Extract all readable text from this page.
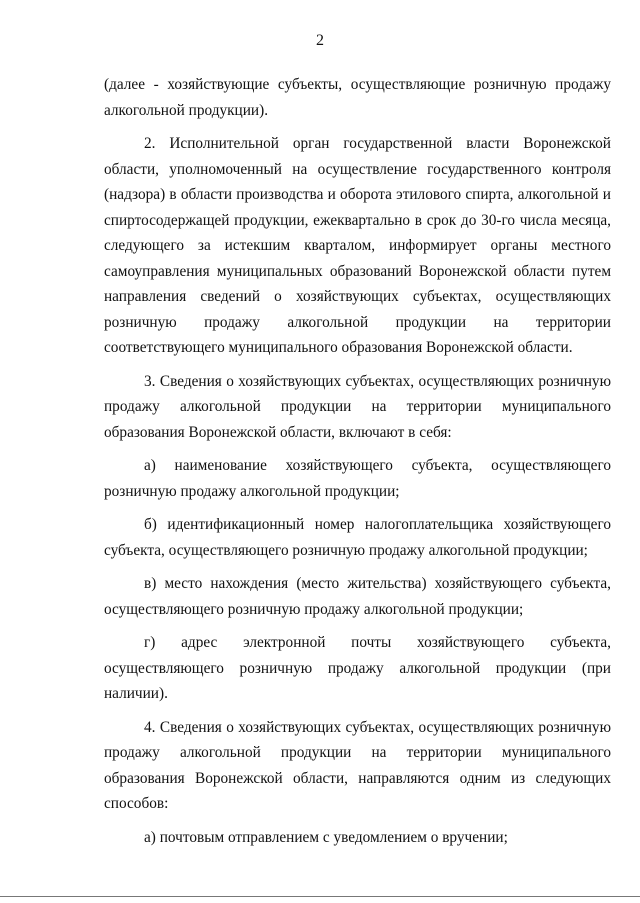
2

(далее - хозяйствующие субъекты, осуществляющие розничную продажу алкогольной продукции).

2. Исполнительной орган государственной власти Воронежской области, уполномоченный на осуществление государственного контроля (надзора) в области производства и оборота этилового спирта, алкогольной и спиртосодержащей продукции, ежеквартально в срок до 30-го числа месяца, следующего за истекшим кварталом, информирует органы местного самоуправления муниципальных образований Воронежской области путем направления сведений о хозяйствующих субъектах, осуществляющих розничную продажу алкогольной продукции на территории соответствующего муниципального образования Воронежской области.

3. Сведения о хозяйствующих субъектах, осуществляющих розничную продажу алкогольной продукции на территории муниципального образования Воронежской области, включают в себя:

а) наименование хозяйствующего субъекта, осуществляющего розничную продажу алкогольной продукции;

б) идентификационный номер налогоплательщика хозяйствующего субъекта, осуществляющего розничную продажу алкогольной продукции;

в) место нахождения (место жительства) хозяйствующего субъекта, осуществляющего розничную продажу алкогольной продукции;

г) адрес электронной почты хозяйствующего субъекта, осуществляющего розничную продажу алкогольной продукции (при наличии).

4. Сведения о хозяйствующих субъектах, осуществляющих розничную продажу алкогольной продукции на территории муниципального образования Воронежской области, направляются одним из следующих способов:

а) почтовым отправлением с уведомлением о вручении;
